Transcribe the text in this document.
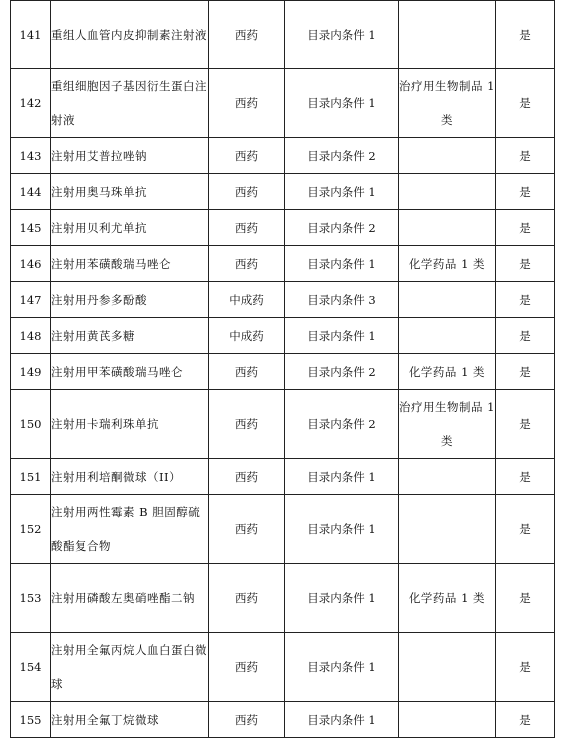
141	重组人血管内皮抑制素注射液	西药	目录内条件 1		是
142	重组细胞因子基因衍生蛋白注射液	西药	目录内条件 1	治疗用生物制品 1 类	是
143	注射用艾普拉唑钠	西药	目录内条件 2		是
144	注射用奥马珠单抗	西药	目录内条件 1		是
145	注射用贝利尤单抗	西药	目录内条件 2		是
146	注射用苯磺酸瑞马唑仑	西药	目录内条件 1	化学药品 1 类	是
147	注射用丹参多酚酸	中成药	目录内条件 3		是
148	注射用黄芪多糖	中成药	目录内条件 1		是
149	注射用甲苯磺酸瑞马唑仑	西药	目录内条件 2	化学药品 1 类	是
150	注射用卡瑞利珠单抗	西药	目录内条件 2	治疗用生物制品 1 类	是
151	注射用利培酮微球（II）	西药	目录内条件 1		是
152	注射用两性霉素 B 胆固醇硫酸酯复合物	西药	目录内条件 1		是
153	注射用磷酸左奥硝唑酯二钠	西药	目录内条件 1	化学药品 1 类	是
154	注射用全氟丙烷人血白蛋白微球	西药	目录内条件 1		是
155	注射用全氟丁烷微球	西药	目录内条件 1		是
